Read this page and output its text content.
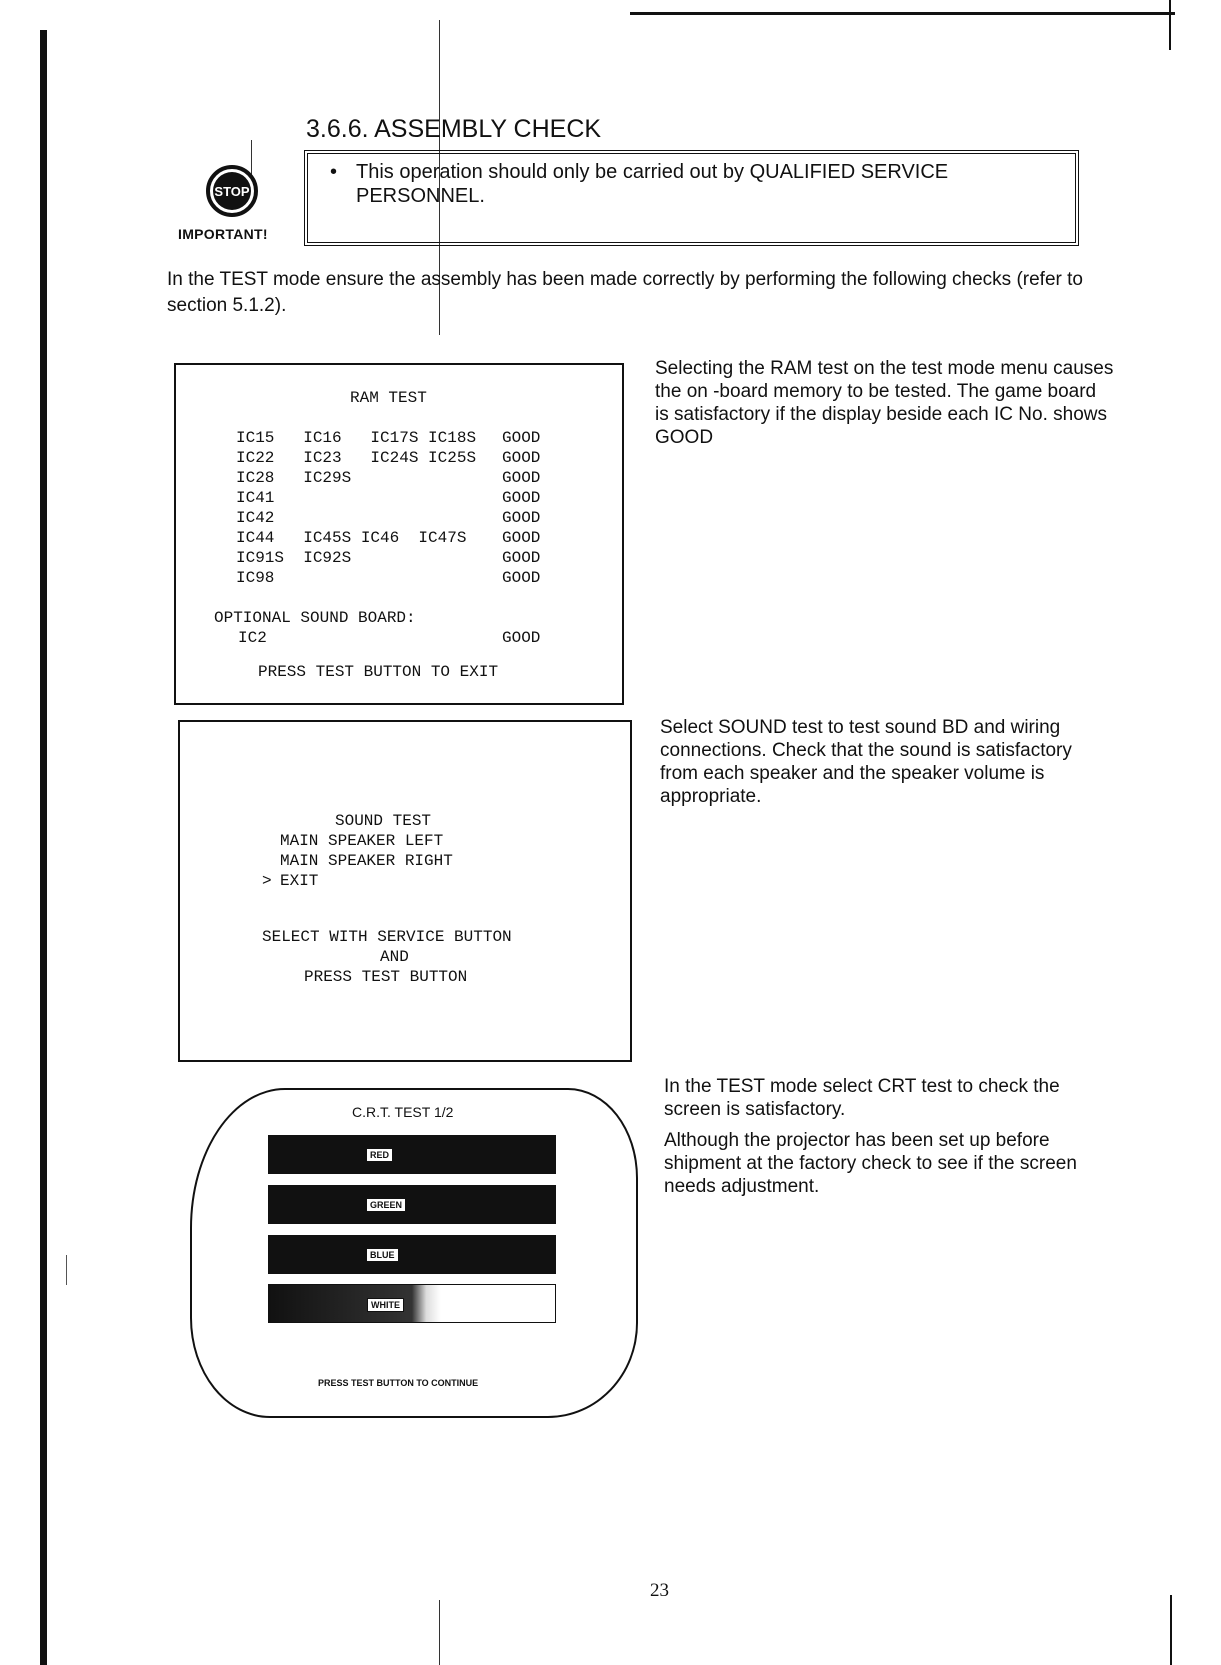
3.6.6. ASSEMBLY CHECK
STOP
IMPORTANT!
• This operation should only be carried out by QUALIFIED SERVICE PERSONNEL.
In the TEST mode ensure the assembly has been made correctly by performing the following checks (refer to section 5.1.2).
RAM TEST
IC15   IC16   IC17S IC18S GOOD
IC22   IC23   IC24S IC25S GOOD
IC28   IC29S	GOOD
IC41	GOOD
IC42	GOOD
IC44   IC45S IC46  IC47S GOOD
IC91S  IC92S	GOOD
IC98	GOOD
OPTIONAL SOUND BOARD:
IC2	GOOD
PRESS TEST BUTTON TO EXIT
Selecting the RAM test on the test mode menu causes the on -board memory to be tested. The game board is satisfactory if the display beside each IC No. shows GOOD
SOUND TEST
MAIN SPEAKER LEFT
MAIN SPEAKER RIGHT
> EXIT
SELECT WITH SERVICE BUTTON
AND
PRESS TEST BUTTON
Select SOUND test to test sound BD and wiring connections. Check that the sound is satisfactory from each speaker and the speaker volume is appropriate.
C.R.T. TEST 1/2
RED
GREEN
BLUE
WHITE
PRESS TEST BUTTON TO CONTINUE
In the TEST mode select CRT test to check the screen is satisfactory.
Although the projector has been set up before shipment at the factory check to see if the screen needs adjustment.
23
